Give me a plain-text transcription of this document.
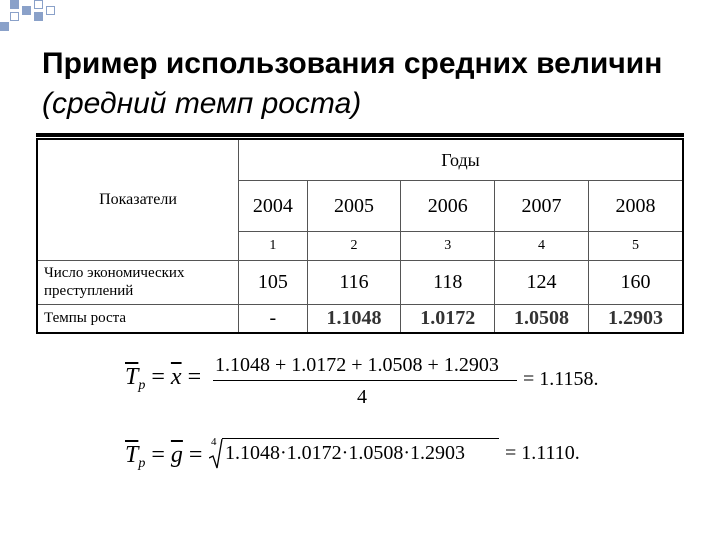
Пример использования средних величин (средний темп роста)
Показатели	Годы				
	2004	2005	2006	2007	2008
	1	2	3	4	5
Число экономических преступлений	105	116	118	124	160
Темпы роста	-	1.1048	1.0172	1.0508	1.2903
$\overline{T}_р = \overline{x} = 1.1048 + 1.0172 + 1.0508 + 1.2903$
4
= 1.1158.
$\overline{T}_р = \overline{g} = 4$ 1.1048·1.0172·1.0508·1.2903 = 1.1110.
